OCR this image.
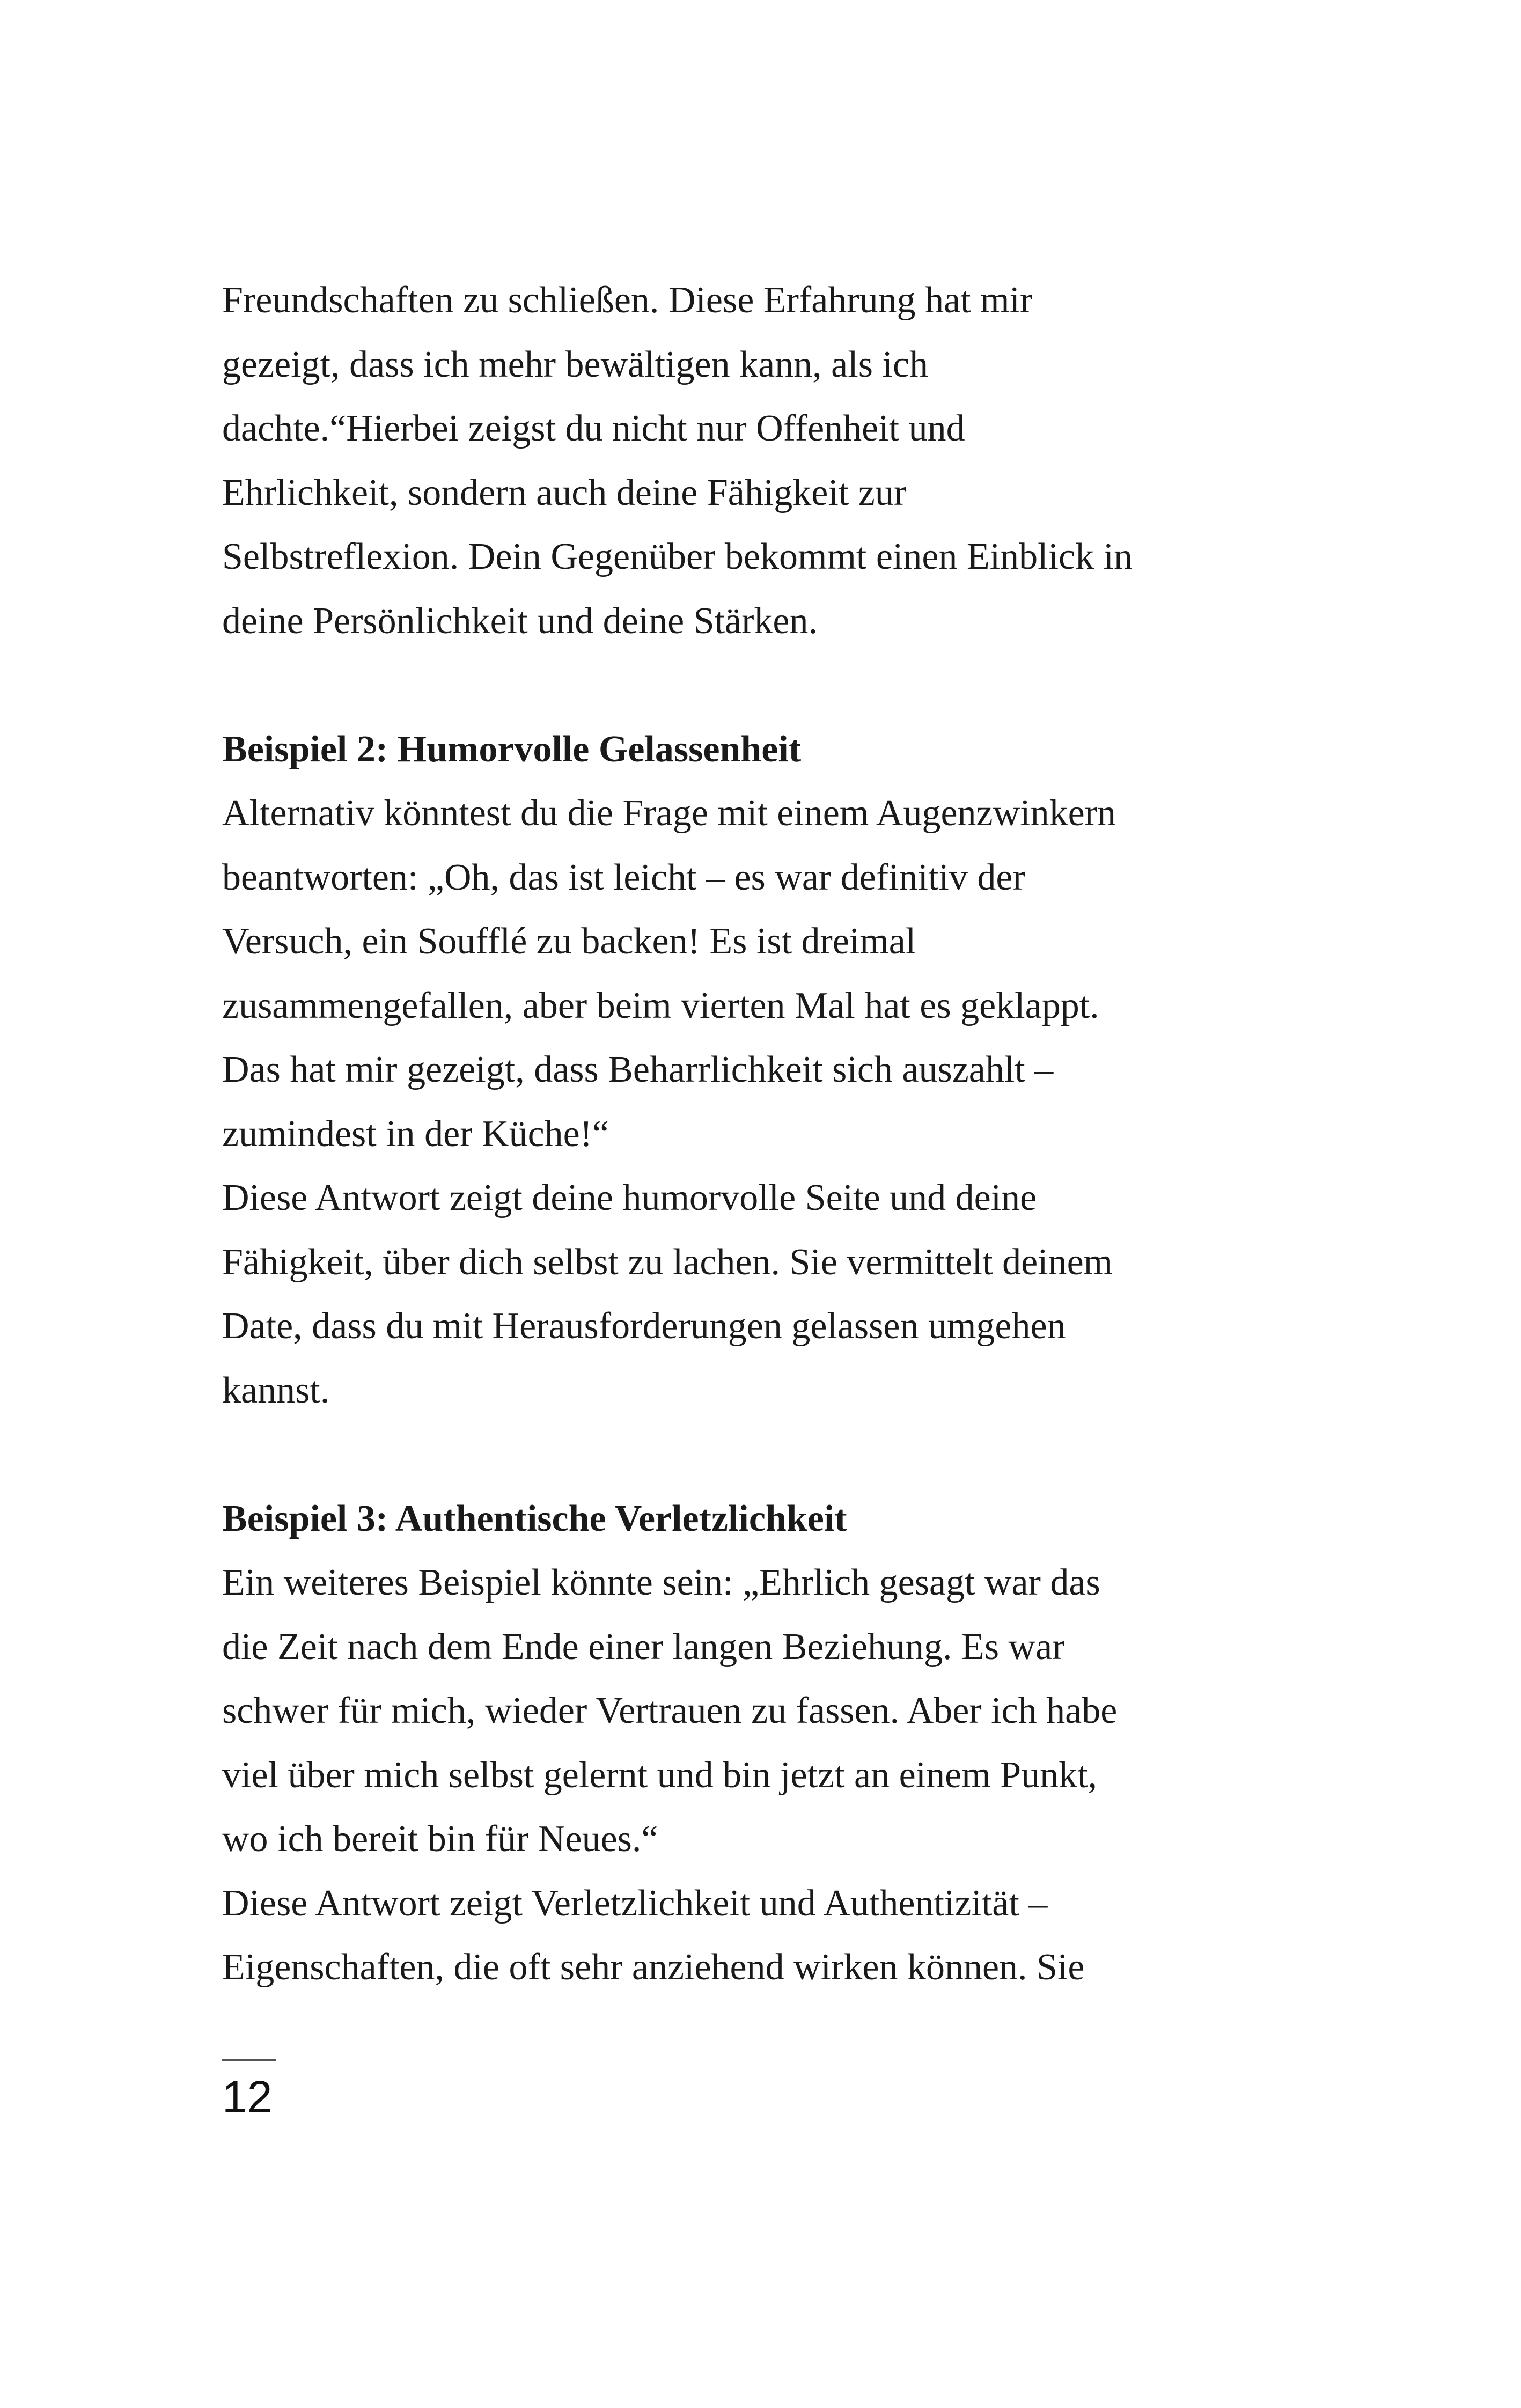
Freundschaften zu schließen. Diese Erfahrung hat mir
gezeigt, dass ich mehr bewältigen kann, als ich
dachte.“Hierbei zeigst du nicht nur Offenheit und
Ehrlichkeit, sondern auch deine Fähigkeit zur
Selbstreflexion. Dein Gegenüber bekommt einen Einblick in
deine Persönlichkeit und deine Stärken.
Beispiel 2: Humorvolle Gelassenheit
Alternativ könntest du die Frage mit einem Augenzwinkern
beantworten: „Oh, das ist leicht – es war definitiv der
Versuch, ein Soufflé zu backen! Es ist dreimal
zusammengefallen, aber beim vierten Mal hat es geklappt.
Das hat mir gezeigt, dass Beharrlichkeit sich auszahlt –
zumindest in der Küche!“
Diese Antwort zeigt deine humorvolle Seite und deine
Fähigkeit, über dich selbst zu lachen. Sie vermittelt deinem
Date, dass du mit Herausforderungen gelassen umgehen
kannst.
Beispiel 3: Authentische Verletzlichkeit
Ein weiteres Beispiel könnte sein: „Ehrlich gesagt war das
die Zeit nach dem Ende einer langen Beziehung. Es war
schwer für mich, wieder Vertrauen zu fassen. Aber ich habe
viel über mich selbst gelernt und bin jetzt an einem Punkt,
wo ich bereit bin für Neues.“
Diese Antwort zeigt Verletzlichkeit und Authentizität –
Eigenschaften, die oft sehr anziehend wirken können. Sie
12
